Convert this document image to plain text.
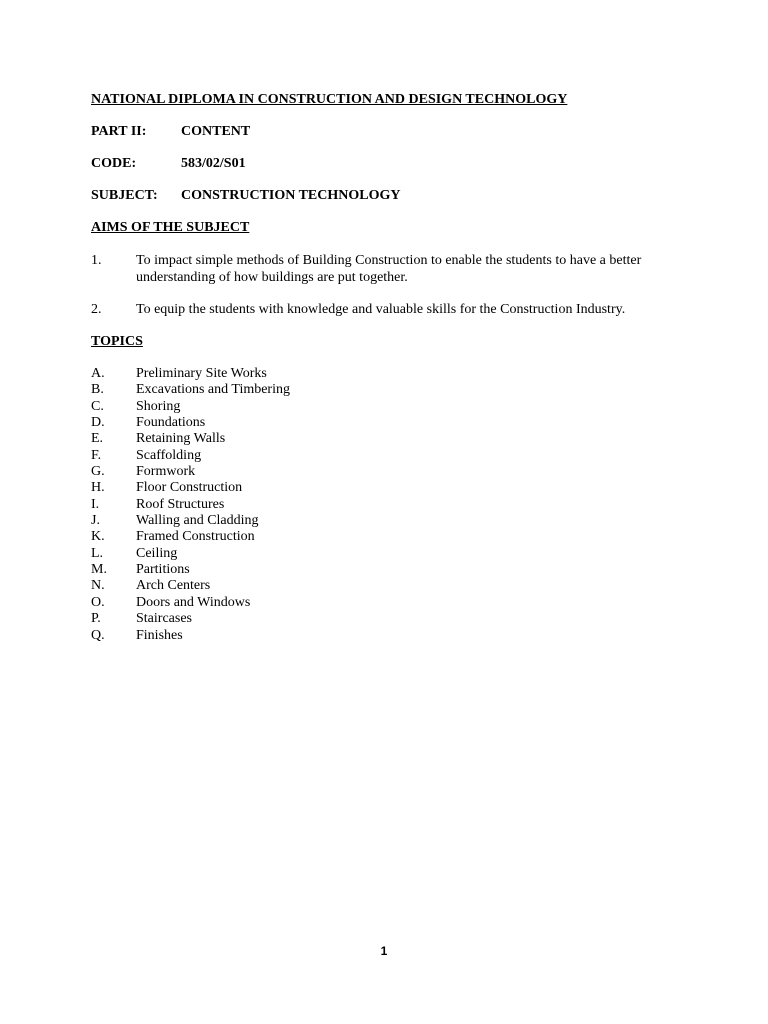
NATIONAL DIPLOMA IN CONSTRUCTION AND DESIGN TECHNOLOGY
PART II: CONTENT
CODE:	583/02/S01
SUBJECT: CONSTRUCTION TECHNOLOGY
AIMS OF THE SUBJECT
1. To impact simple methods of Building Construction to enable the students to have a better understanding of how buildings are put together.
2. To equip the students with knowledge and valuable skills for the Construction Industry.
TOPICS
A. Preliminary Site Works
B. Excavations and Timbering
C. Shoring
D. Foundations
E. Retaining Walls
F. Scaffolding
G. Formwork
H. Floor Construction
I.	Roof Structures
J.	Walling and Cladding
K. Framed Construction
L. Ceiling
M. Partitions
N. Arch Centers
O. Doors and Windows
P.	Staircases
Q. Finishes
1
